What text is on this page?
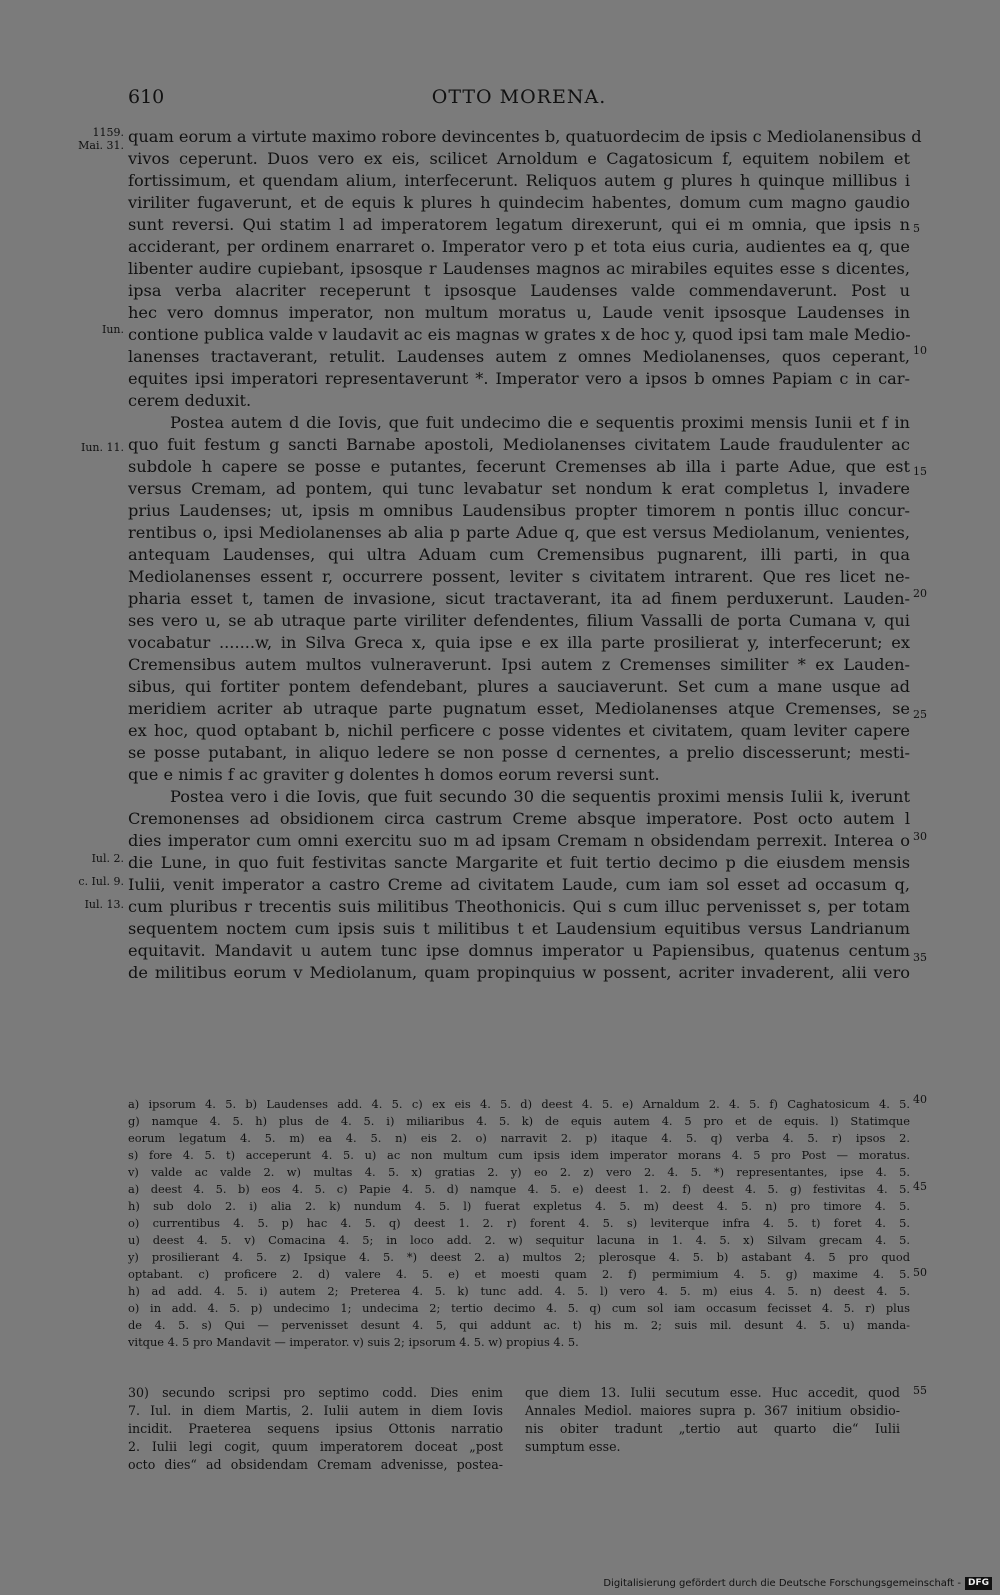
610	OTTO MORENA.
1159.
Mai. 31.
Iun.
Iun. 11.
Iul. 2.
c. Iul. 9.
Iul. 13.
5
10
15
20
25
30
35
40
45
50
55
quam eorum a virtute maximo robore devincentes b, quatuordecim de ipsis c Mediolanensibus d
vivos ceperunt. Duos vero ex eis, scilicet Arnoldum e Cagatosicum f, equitem nobilem et
fortissimum, et quendam alium, interfecerunt. Reliquos autem g plures h quinque millibus i
viriliter fugaverunt, et de equis k plures h quindecim habentes, domum cum magno gaudio
sunt reversi. Qui statim l ad imperatorem legatum direxerunt, qui ei m omnia, que ipsis n
acciderant, per ordinem enarraret o. Imperator vero p et tota eius curia, audientes ea q, que
libenter audire cupiebant, ipsosque r Laudenses magnos ac mirabiles equites esse s dicentes,
ipsa verba alacriter receperunt t ipsosque Laudenses valde commendaverunt. Post u
hec vero domnus imperator, non multum moratus u, Laude venit ipsosque Laudenses in
contione publica valde v laudavit ac eis magnas w grates x de hoc y, quod ipsi tam male Medio-
lanenses tractaverant, retulit. Laudenses autem z omnes Mediolanenses, quos ceperant,
equites ipsi imperatori representaverunt *. Imperator vero a ipsos b omnes Papiam c in car-
cerem deduxit.
Postea autem d die Iovis, que fuit undecimo die e sequentis proximi mensis Iunii et f in
quo fuit festum g sancti Barnabe apostoli, Mediolanenses civitatem Laude fraudulenter ac
subdole h capere se posse e putantes, fecerunt Cremenses ab illa i parte Adue, que est
versus Cremam, ad pontem, qui tunc levabatur set nondum k erat completus l, invadere
prius Laudenses; ut, ipsis m omnibus Laudensibus propter timorem n pontis illuc concur-
rentibus o, ipsi Mediolanenses ab alia p parte Adue q, que est versus Mediolanum, venientes,
antequam Laudenses, qui ultra Aduam cum Cremensibus pugnarent, illi parti, in qua
Mediolanenses essent r, occurrere possent, leviter s civitatem intrarent. Que res licet ne-
pharia esset t, tamen de invasione, sicut tractaverant, ita ad finem perduxerunt. Lauden-
ses vero u, se ab utraque parte viriliter defendentes, filium Vassalli de porta Cumana v, qui
vocabatur .......w, in Silva Greca x, quia ipse e ex illa parte prosilierat y, interfecerunt; ex
Cremensibus autem multos vulneraverunt. Ipsi autem z Cremenses similiter * ex Lauden-
sibus, qui fortiter pontem defendebant, plures a sauciaverunt. Set cum a mane usque ad
meridiem acriter ab utraque parte pugnatum esset, Mediolanenses atque Cremenses, se
ex hoc, quod optabant b, nichil perficere c posse videntes et civitatem, quam leviter capere
se posse putabant, in aliquo ledere se non posse d cernentes, a prelio discesserunt; mesti-
que e nimis f ac graviter g dolentes h domos eorum reversi sunt.
Postea vero i die Iovis, que fuit secundo 30 die sequentis proximi mensis Iulii k, iverunt
Cremonenses ad obsidionem circa castrum Creme absque imperatore. Post octo autem l
dies imperator cum omni exercitu suo m ad ipsam Cremam n obsidendam perrexit. Interea o
die Lune, in quo fuit festivitas sancte Margarite et fuit tertio decimo p die eiusdem mensis
Iulii, venit imperator a castro Creme ad civitatem Laude, cum iam sol esset ad occasum q,
cum pluribus r trecentis suis militibus Theothonicis. Qui s cum illuc pervenisset s, per totam
sequentem noctem cum ipsis suis t militibus t et Laudensium equitibus versus Landrianum
equitavit. Mandavit u autem tunc ipse domnus imperator u Papiensibus, quatenus centum
de militibus eorum v Mediolanum, quam propinquius w possent, acriter invaderent, alii vero
a) ipsorum 4. 5. b) Laudenses add. 4. 5. c) ex eis 4. 5. d) deest 4. 5. e) Arnaldum 2. 4. 5. f) Caghatosicum 4. 5.
g) namque 4. 5. h) plus de 4. 5. i) miliaribus 4. 5. k) de equis autem 4. 5 pro et de equis. l) Statimque
eorum legatum 4. 5. m) ea 4. 5. n) eis 2. o) narravit 2. p) itaque 4. 5. q) verba 4. 5. r) ipsos 2.
s) fore 4. 5. t) acceperunt 4. 5. u) ac non multum cum ipsis idem imperator morans 4. 5 pro Post — moratus.
v) valde ac valde 2. w) multas 4. 5. x) gratias 2. y) eo 2. z) vero 2. 4. 5. *) representantes, ipse 4. 5.
a) deest 4. 5. b) eos 4. 5. c) Papie 4. 5. d) namque 4. 5. e) deest 1. 2. f) deest 4. 5. g) festivitas 4. 5.
h) sub dolo 2. i) alia 2. k) nundum 4. 5. l) fuerat expletus 4. 5. m) deest 4. 5. n) pro timore 4. 5.
o) currentibus 4. 5. p) hac 4. 5. q) deest 1. 2. r) forent 4. 5. s) leviterque infra 4. 5. t) foret 4. 5.
u) deest 4. 5. v) Comacina 4. 5; in loco add. 2. w) sequitur lacuna in 1. 4. 5. x) Silvam grecam 4. 5.
y) prosilierant 4. 5. z) Ipsique 4. 5. *) deest 2. a) multos 2; plerosque 4. 5. b) astabant 4. 5 pro quod
optabant. c) proficere 2. d) valere 4. 5. e) et moesti quam 2. f) permimium 4. 5. g) maxime 4. 5.
h) ad add. 4. 5. i) autem 2; Preterea 4. 5. k) tunc add. 4. 5. l) vero 4. 5. m) eius 4. 5. n) deest 4. 5.
o) in add. 4. 5. p) undecimo 1; undecima 2; tertio decimo 4. 5. q) cum sol iam occasum fecisset 4. 5. r) plus
de 4. 5. s) Qui — pervenisset desunt 4. 5, qui addunt ac. t) his m. 2; suis mil. desunt 4. 5. u) manda-
vitque 4. 5 pro Mandavit — imperator. v) suis 2; ipsorum 4. 5. w) propius 4. 5.
30) secundo scripsi pro septimo codd. Dies enim
7. Iul. in diem Martis, 2. Iulii autem in diem Iovis
incidit. Praeterea sequens ipsius Ottonis narratio
2. Iulii legi cogit, quum imperatorem doceat „post
octo dies“ ad obsidendam Cremam advenisse, postea-
que diem 13. Iulii secutum esse. Huc accedit, quod
Annales Mediol. maiores supra p. 367 initium obsidio-
nis obiter tradunt „tertio aut quarto die“ Iulii
sumptum esse.
Digitalisierung gefördert durch die Deutsche Forschungsgemeinschaft - DFG
